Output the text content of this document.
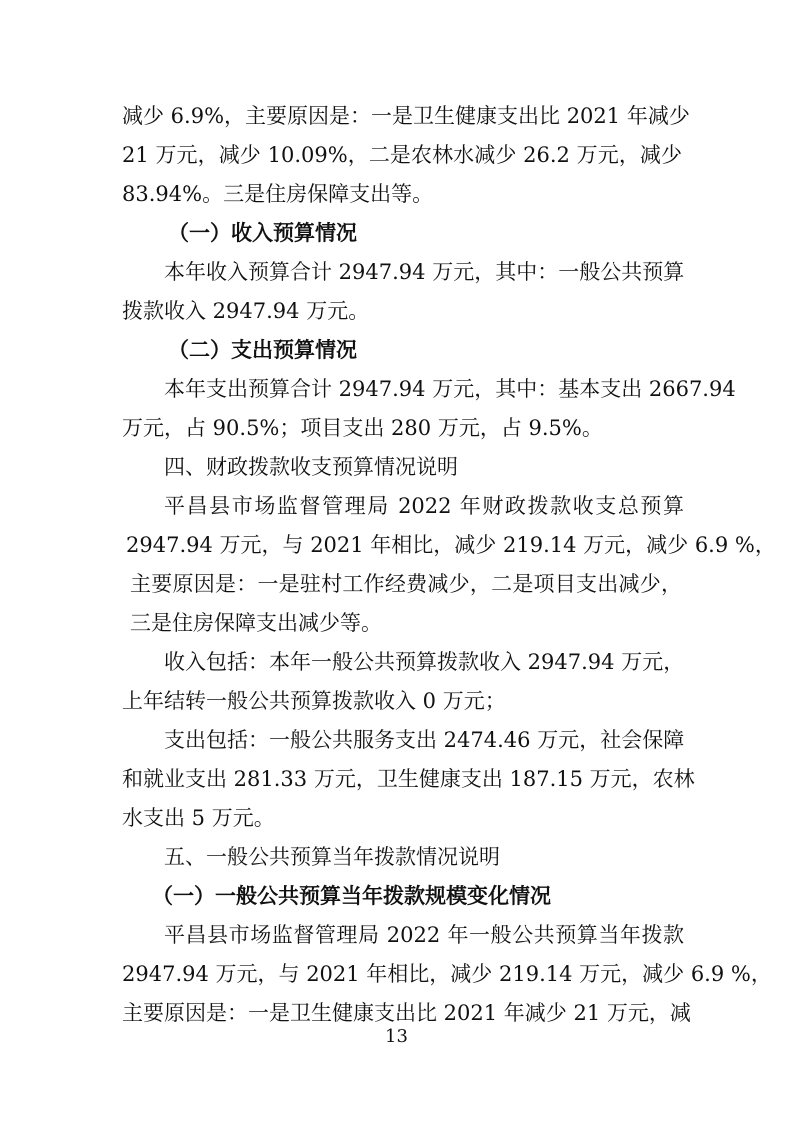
减少 6.9%，主要原因是：一是卫生健康支出比 2021 年减少
21 万元，减少 10.09%，二是农林水减少 26.2 万元，减少
83.94%。三是住房保障支出等。
（一）收入预算情况
本年收入预算合计 2947.94 万元，其中：一般公共预算
拨款收入 2947.94 万元。
（二）支出预算情况
本年支出预算合计 2947.94 万元，其中：基本支出 2667.94
万元，占 90.5%；项目支出 280 万元，占 9.5%。
四、财政拨款收支预算情况说明
平昌县市场监督管理局 2022 年财政拨款收支总预算
2947.94 万元，与 2021 年相比，减少 219.14 万元，减少 6.9 %，
主要原因是：一是驻村工作经费减少，二是项目支出减少，
三是住房保障支出减少等。
收入包括：本年一般公共预算拨款收入 2947.94 万元，
上年结转一般公共预算拨款收入 0 万元；
支出包括：一般公共服务支出 2474.46 万元，社会保障
和就业支出 281.33 万元，卫生健康支出 187.15 万元，农林
水支出 5 万元。
五、一般公共预算当年拨款情况说明
（一）一般公共预算当年拨款规模变化情况
平昌县市场监督管理局 2022 年一般公共预算当年拨款
2947.94 万元，与 2021 年相比，减少 219.14 万元，减少 6.9 %，
主要原因是：一是卫生健康支出比 2021 年减少 21 万元，减
13
